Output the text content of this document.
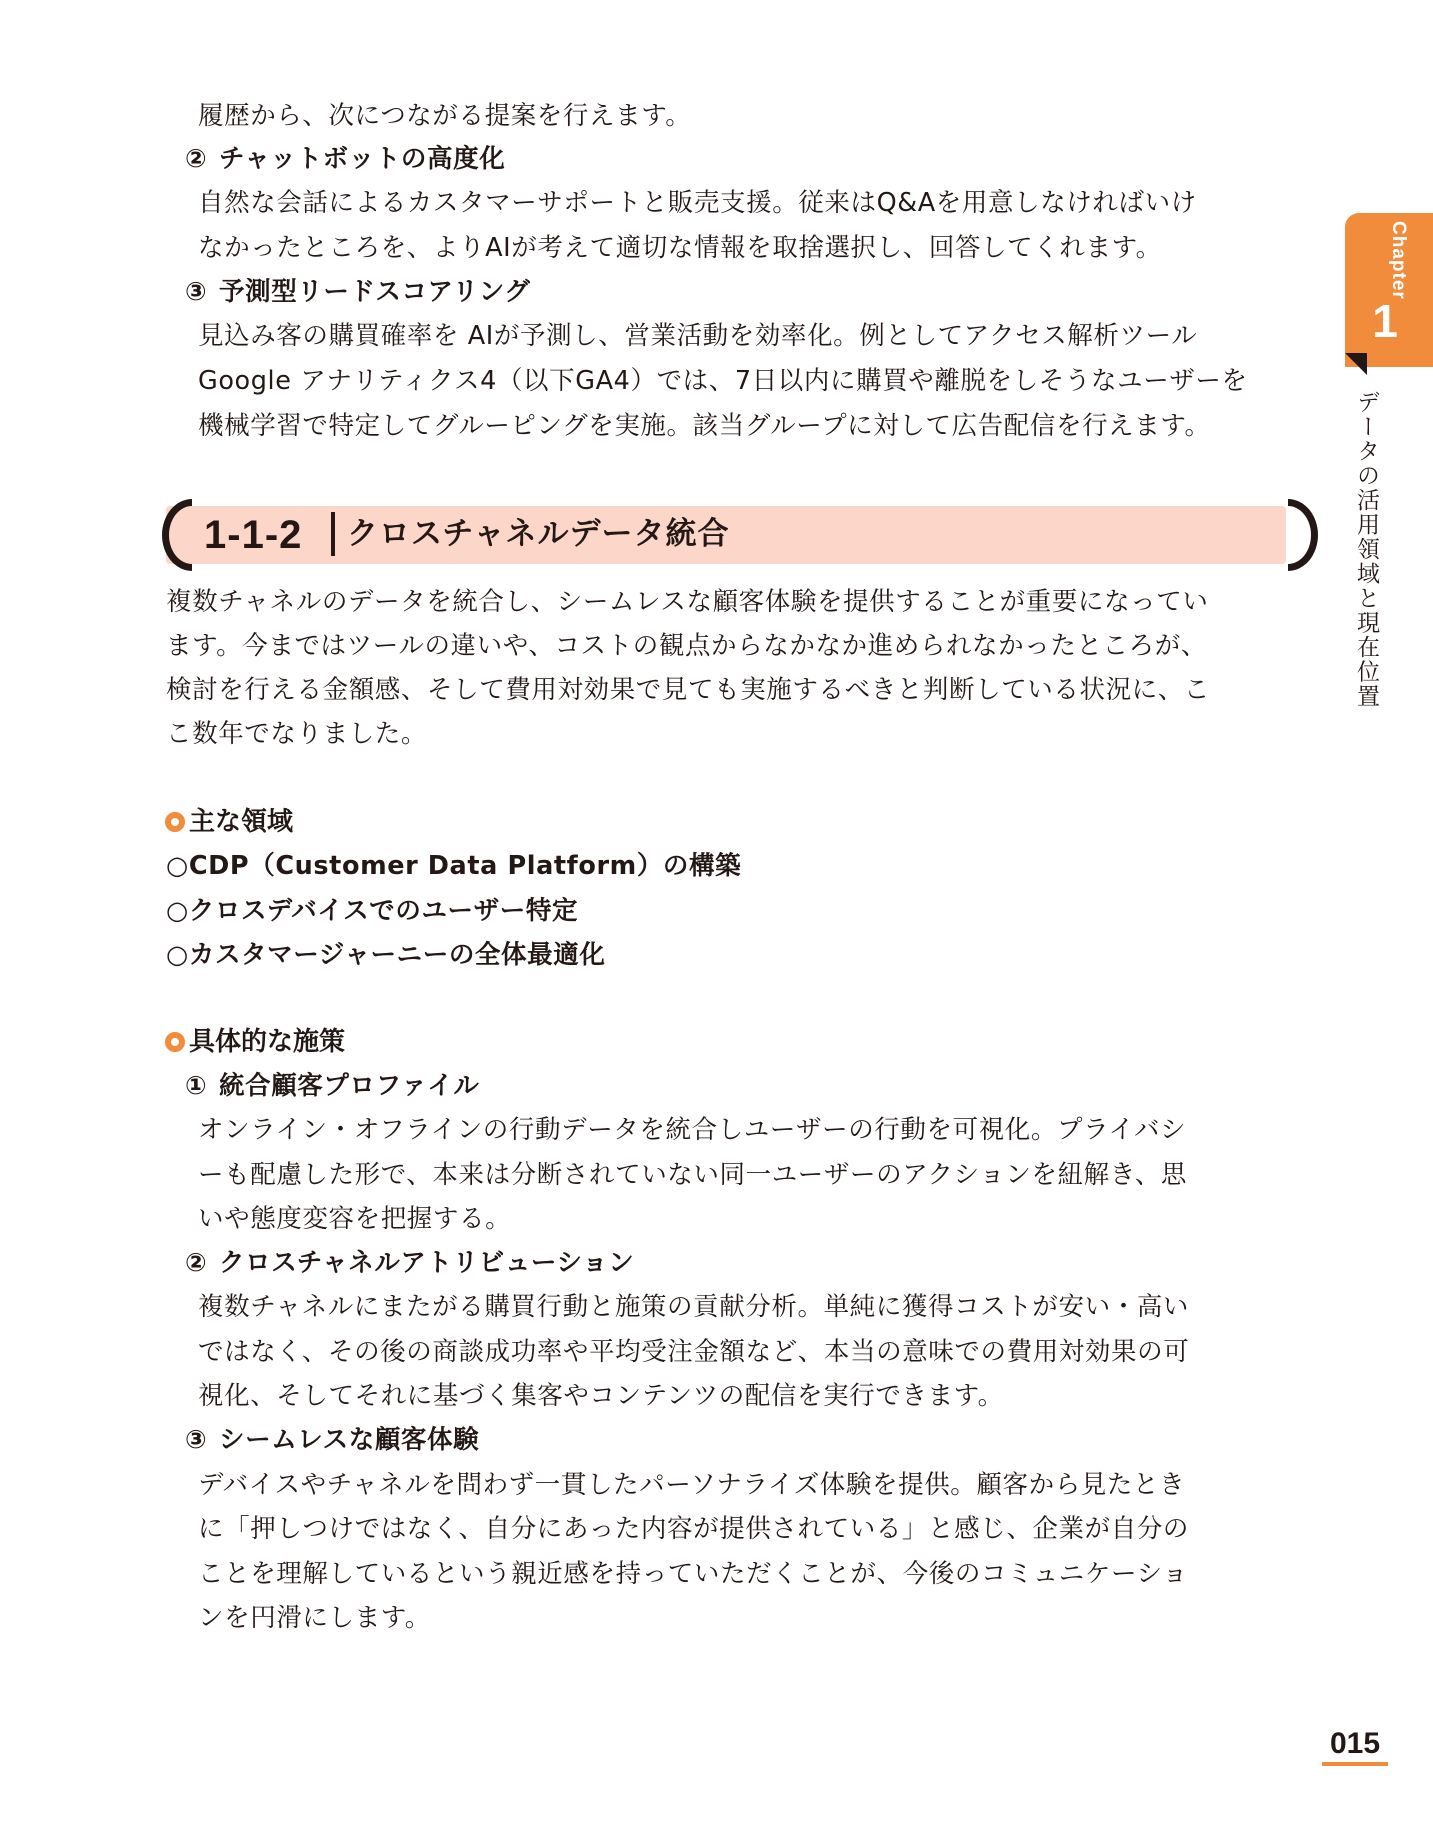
履歴から、次につながる提案を行えます。

② チャットボットの高度化

自然な会話によるカスタマーサポートと販売支援。従来はQ&Aを用意しなければいけ

なかったところを、よりAIが考えて適切な情報を取捨選択し、回答してくれます。

③ 予測型リードスコアリング

見込み客の購買確率を AIが予測し、営業活動を効率化。例としてアクセス解析ツール

Google アナリティクス4（以下GA4）では、7日以内に購買や離脱をしそうなユーザーを

機械学習で特定してグルーピングを実施。該当グループに対して広告配信を行えます。

1-1-2 クロスチャネルデータ統合

複数チャネルのデータを統合し、シームレスな顧客体験を提供することが重要になってい

ます。今まではツールの違いや、コストの観点からなかなか進められなかったところが、

検討を行える金額感、そして費用対効果で見ても実施するべきと判断している状況に、こ

こ数年でなりました。

主な領域

○CDP（Customer Data Platform）の構築

○クロスデバイスでのユーザー特定

○カスタマージャーニーの全体最適化

具体的な施策
① 統合顧客プロファイル

オンライン・オフラインの行動データを統合しユーザーの行動を可視化。プライバシ

ーも配慮した形で、本来は分断されていない同一ユーザーのアクションを紐解き、思

いや態度変容を把握する。

② クロスチャネルアトリビューション

複数チャネルにまたがる購買行動と施策の貢献分析。単純に獲得コストが安い・高い

ではなく、その後の商談成功率や平均受注金額など、本当の意味での費用対効果の可

視化、そしてそれに基づく集客やコンテンツの配信を実行できます。

③ シームレスな顧客体験

デバイスやチャネルを問わず一貫したパーソナライズ体験を提供。顧客から見たとき

に「押しつけではなく、自分にあった内容が提供されている」と感じ、企業が自分の

ことを理解しているという親近感を持っていただくことが、今後のコミュニケーショ

ンを円滑にします。

Chapter
1
データの活用領域と現在位置
015
